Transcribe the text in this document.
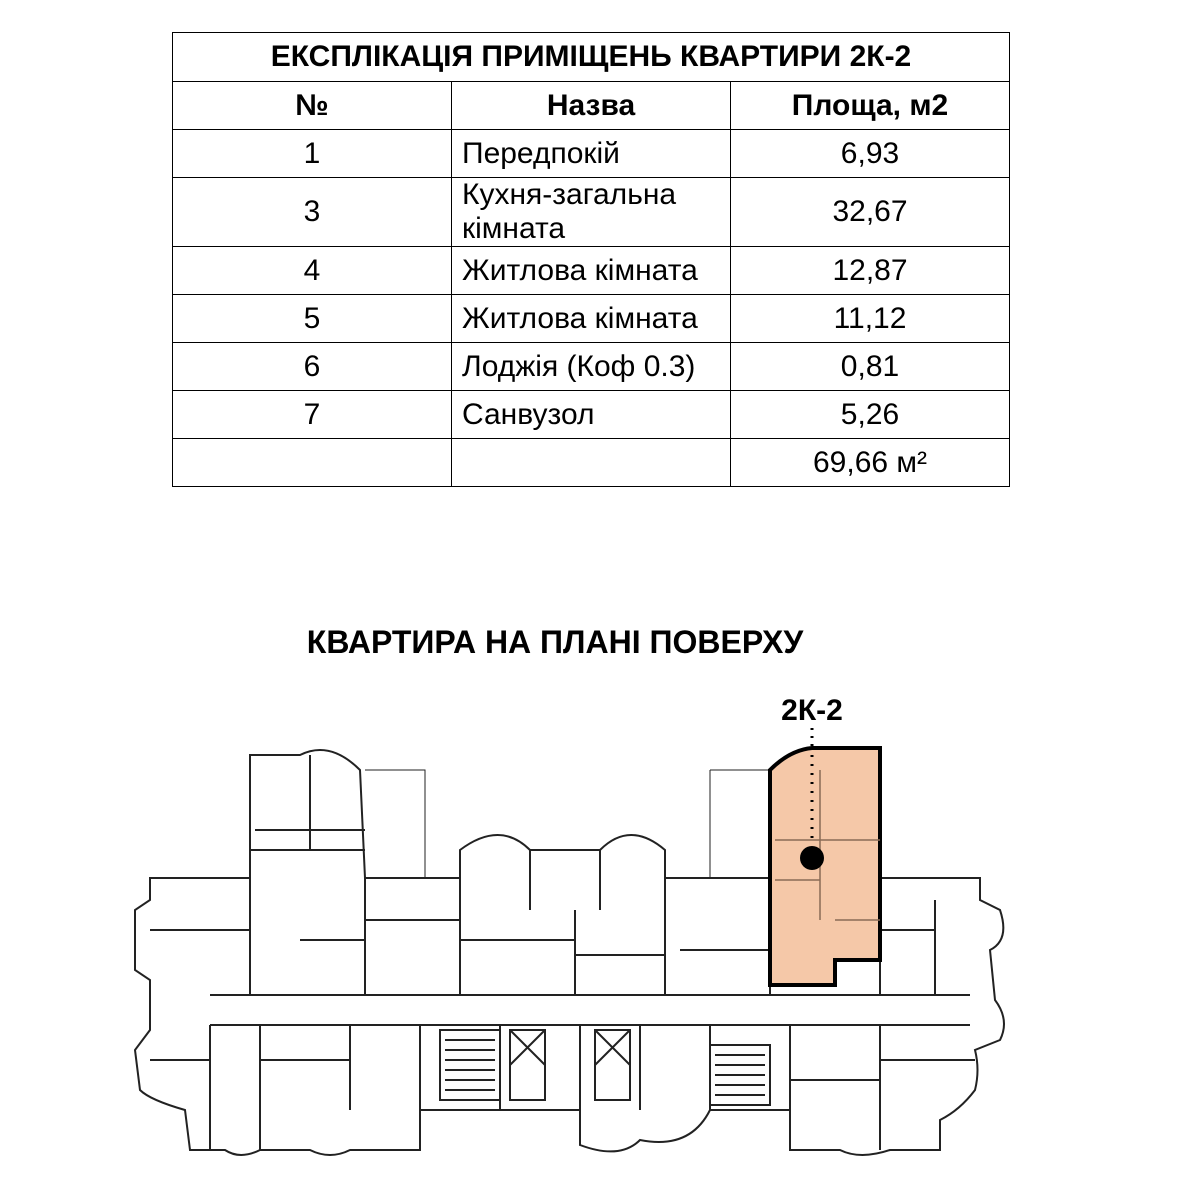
ЕКСПЛІКАЦІЯ ПРИМІЩЕНЬ КВАРТИРИ 2К-2		
№	Назва	Площа, м2
1	Передпокій	6,93
3	Кухня-загальна кімната	32,67
4	Житлова кімната	12,87
5	Житлова кімната	11,12
6	Лоджія (Коф 0.3)	0,81
7	Санвузол	5,26
		69,66 м²
КВАРТИРА НА ПЛАНІ ПОВЕРХУ
2К-2
